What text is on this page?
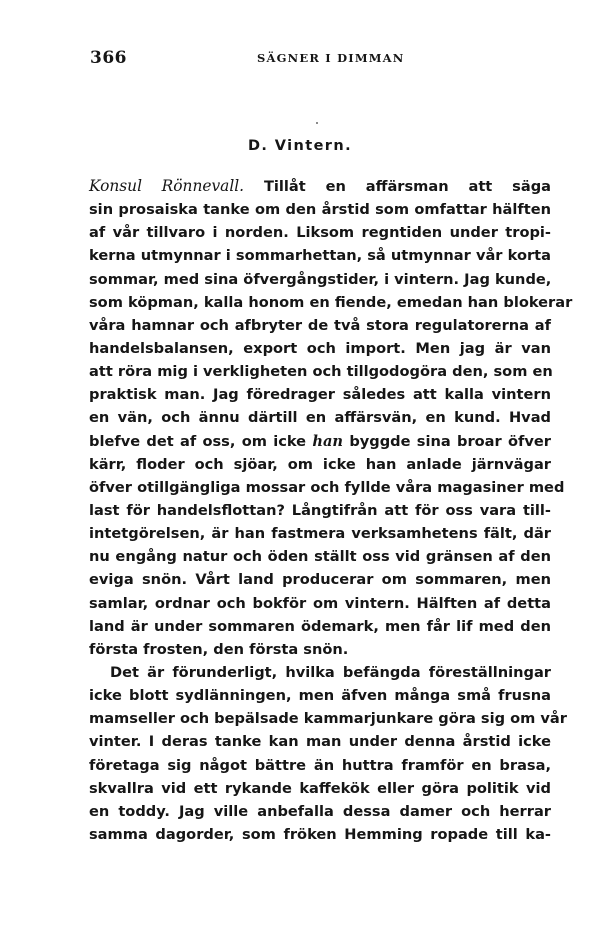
366	SÄGNER I DIMMAN
D. Vintern.
Konsul Rönnevall. Tillåt en affärsman att säga
sin prosaiska tanke om den årstid som omfattar hälften
af vår tillvaro i norden. Liksom regntiden under tropi-
kerna utmynnar i sommarhettan, så utmynnar vår korta
sommar, med sina öfvergångstider, i vintern. Jag kunde,
som köpman, kalla honom en fiende, emedan han blokerar
våra hamnar och afbryter de två stora regulatorerna af
handelsbalansen, export och import. Men jag är van
att röra mig i verkligheten och tillgodogöra den, som en
praktisk man. Jag föredrager således att kalla vintern
en vän, och ännu därtill en affärsvän, en kund. Hvad
blefve det af oss, om icke han byggde sina broar öfver
kärr, floder och sjöar, om icke han anlade järnvägar
öfver otillgängliga mossar och fyllde våra magasiner med
last för handelsflottan? Långtifrån att för oss vara till-
intetgörelsen, är han fastmera verksamhetens fält, där
nu engång natur och öden ställt oss vid gränsen af den
eviga snön. Vårt land producerar om sommaren, men
samlar, ordnar och bokför om vintern. Hälften af detta
land är under sommaren ödemark, men får lif med den
första frosten, den första snön.
Det är förunderligt, hvilka befängda föreställningar
icke blott sydlänningen, men äfven många små frusna
mamseller och bepälsade kammarjunkare göra sig om vår
vinter. I deras tanke kan man under denna årstid icke
företaga sig något bättre än huttra framför en brasa,
skvallra vid ett rykande kaffekök eller göra politik vid
en toddy. Jag ville anbefalla dessa damer och herrar
samma dagorder, som fröken Hemming ropade till ka-
